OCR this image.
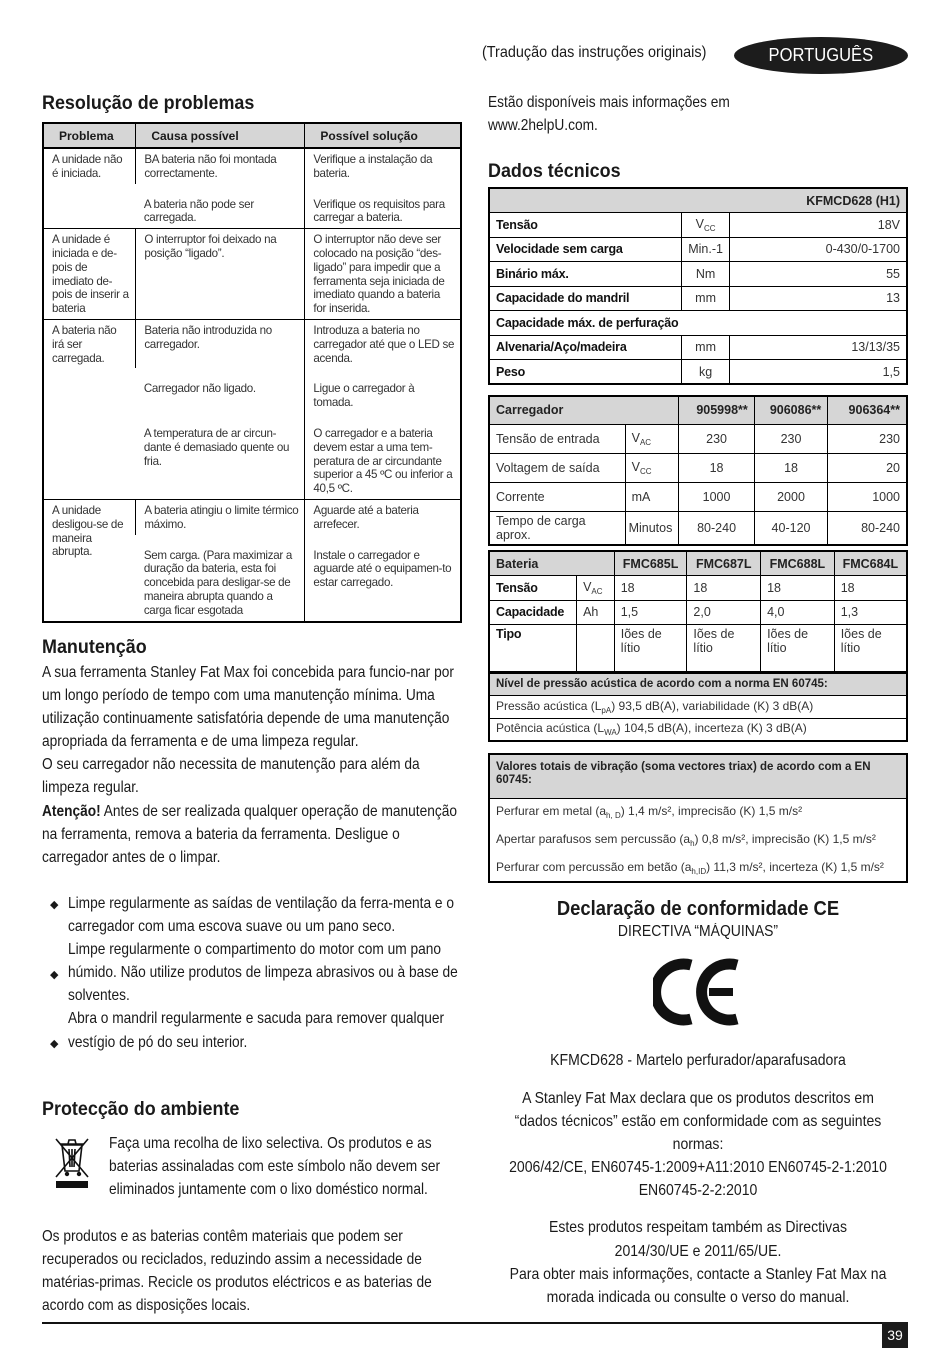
(Tradução das instruções originais)	PORTUGUÊS
Resolução de problemas
Problema	Causa possível	Possível solução
A unidade não é iniciada.	BA bateria não foi montada correctamente.	Verifique a instalação da bateria.
	A bateria não pode ser carregada.	Verifique os requisitos para carregar a bateria.
A unidade é iniciada e de-pois de imediato de-pois de inserir a bateria	O interruptor foi deixado na posição “ligado”.	O interruptor não deve ser colocado na posição “des-ligado” para impedir que a ferramenta seja iniciada de imediato quando a bateria for inserida.
A bateria não irá ser carregada.	Bateria não introduzida no carregador.	Introduza a bateria no carregador até que o LED se acenda.
	Carregador não ligado.	Ligue o carregador à tomada.
	A temperatura de ar circun-dante é demasiado quente ou fria.	O carregador e a bateria devem estar a uma tem-peratura de ar circundante superior a 45 ºC ou inferior a 40,5 ºC.
A unidade desligou-se de maneira abrupta.	A bateria atingiu o limite térmico máximo.	Aguarde até a bateria arrefecer.
	Sem carga. (Para maximizar a duração da bateria, esta foi concebida para desligar-se de maneira abrupta quando a carga ficar esgotada	Instale o carregador e aguarde até o equipamen-to estar carregado.
Manutenção

A sua ferramenta Stanley Fat Max foi concebida para funcio-nar por um longo período de tempo com uma manutenção mínima. Uma utilização continuamente satisfatória depende de uma manutenção apropriada da ferramenta e de uma limpeza regular.

O seu carregador não necessita de manutenção para além da limpeza regular.

Atenção! Antes de ser realizada qualquer operação de manutenção na ferramenta, remova a bateria da ferramenta. Desligue o carregador antes de o limpar.

Limpe regularmente as saídas de ventilação da ferra-menta e o carregador com uma escova suave ou um pano seco.

Limpe regularmente o compartimento do motor com um pano húmido. Não utilize produtos de limpeza abrasivos ou à base de solventes.

Abra o mandril regularmente e sacuda para remover qualquer vestígio de pó do seu interior.

◆
◆
◆
Protecção do ambiente

Faça uma recolha de lixo selectiva. Os produtos e as baterias assinaladas com este símbolo não devem ser eliminados juntamente com o lixo doméstico normal.

Os produtos e as baterias contêm materiais que podem ser recuperados ou reciclados, reduzindo assim a necessidade de matérias-primas. Recicle os produtos eléctricos e as baterias de acordo com as disposições locais.

Estão disponíveis mais informações em www.2helpU.com.

Dados técnicos
KFMCD628 (H1)		
Tensão	$V_{CC}$	18V
Velocidade sem carga	Min.-1	0-430/0-1700
Binário máx.	Nm	55
Capacidade do mandril	mm	13
Capacidade máx. de perfuração		
Alvenaria/Aço/madeira	mm	13/13/35
Peso	kg	1,5
Carregador		905998**	906086**	906364**
Tensão de entrada	$V_{AC}$	230	230	230
Voltagem de saída	$V_{CC}$	18	18	20
Corrente	mA	1000	2000	1000
Tempo de carga aprox.	Minutos	80-240	40-120	80-240
Bateria		FMC685L	FMC687L	FMC688L	FMC684L
Tensão	$V_{AC}$	18	18	18	18
Capacidade	Ah	1,5	2,0	4,0	1,3
Tipo		Iões de lítio	Iões de lítio	Iões de lítio	Iões de lítio
Nível de pressão acústica de acordo com a norma EN 60745:
Pressão acústica $(L_{pA})$ 93,5 dB(A), variabilidade (K) 3 dB(A)
Potência acústica $(L_{WA})$ 104,5 dB(A), incerteza (K) 3 dB(A)
Valores totais de vibração (soma vectores triax) de acordo com a EN 60745:
Perfurar em metal $(a_{h, D})$ 1,4 m/s², imprecisão (K) 1,5 m/s²
Apertar parafusos sem percussão $(a_h)$ 0,8 m/s², imprecisão (K) 1,5 m/s²
Perfurar com percussão em betão $(a_{h,ID})$ 11,3 m/s², incerteza (K) 1,5 m/s²
Declaração de conformidade CE
DIRECTIVA “MÁQUINAS”

KFMCD628 - Martelo perfurador/aparafusadora

A Stanley Fat Max declara que os produtos descritos em “dados técnicos” estão em conformidade com as seguintes normas:

2006/42/CE, EN60745-1:2009+A11:2010 EN60745-2-1:2010 EN60745-2-2:2010

Estes produtos respeitam também as Directivas 2014/30/UE e 2011/65/UE.

Para obter mais informações, contacte a Stanley Fat Max na morada indicada ou consulte o verso do manual.

39
